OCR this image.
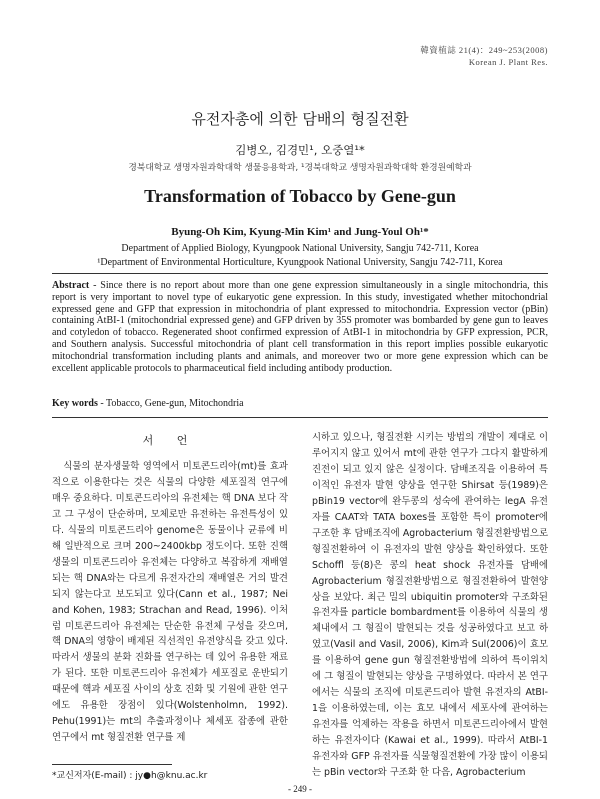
韓資植誌 21(4)：249~253(2008)
Korean J. Plant Res.
유전자총에 의한 담배의 형질전환
김병오, 김경민¹, 오중열¹*
경북대학교 생명자원과학대학 생물응용학과, ¹경북대학교 생명자원과학대학 환경원예학과
Transformation of Tobacco by Gene-gun
Byung-Oh Kim, Kyung-Min Kim¹ and Jung-Youl Oh¹*
Department of Applied Biology, Kyungpook National University, Sangju 742-711, Korea
¹Department of Environmental Horticulture, Kyungpook National University, Sangju 742-711, Korea
Abstract - Since there is no report about more than one gene expression simultaneously in a single mitochondria, this report is very important to novel type of eukaryotic gene expression. In this study, investigated whether mitochondrial expressed gene and GFP that expression in mitochondria of plant expressed to mitochondria. Expression vector (pBin) containing AtBI-1 (mitochondrial expressed gene) and GFP driven by 35S promoter was bombarded by gene gun to leaves and cotyledon of tobacco. Regenerated shoot confirmed expression of AtBI-1 in mitochondria by GFP expression, PCR, and Southern analysis. Successful mitochondria of plant cell transformation in this report implies possible eukaryotic mitochondrial transformation including plants and animals, and moreover two or more gene expression which can be excellent applicable protocols to pharmaceutical field including antibody production.
Key words - Tobacco, Gene-gun, Mitochondria
서 언

식물의 분자생물학 영역에서 미토콘드리아(mt)를 효과적으로 이용한다는 것은 식물의 다양한 세포질적 연구에 매우 중요하다. 미토콘드리아의 유전체는 핵 DNA 보다 작고 그 구성이 단순하며, 모체로만 유전하는 유전특성이 있다. 식물의 미토콘드리아 genome은 동물이나 균류에 비해 일반적으로 크며 200~2400kbp 정도이다. 또한 진핵생물의 미토콘드리아 유전체는 다양하고 복잡하게 재배열 되는 핵 DNA와는 다르게 유전자간의 재배열은 거의 발견되지 않는다고 보도되고 있다(Cann et al., 1987; Nei and Kohen, 1983; Strachan and Read, 1996). 이처럼 미토콘드리아 유전체는 단순한 유전체 구성을 갖으며, 핵 DNA의 영향이 배제된 직선적인 유전양식을 갖고 있다. 따라서 생물의 분화 진화를 연구하는 데 있어 유용한 재료가 된다. 또한 미토콘드리아 유전체가 세포질로 운반되기 때문에 핵과 세포질 사이의 상호 진화 및 기원에 관한 연구에도 유용한 장점이 있다(Wolstenholmn, 1992). Pehu(1991)는 mt의 추출과정이나 체세포 잡종에 관한 연구에서 mt 형질전환 연구를 제

시하고 있으나, 형질전환 시키는 방법의 개발이 제대로 이루어지지 않고 있어서 mt에 관한 연구가 그다지 활발하게 진전이 되고 있지 않은 실정이다. 담배조직을 이용하여 특이적인 유전자 발현 양상을 연구한 Shirsat 등(1989)은 pBin19 vector에 완두콩의 성숙에 관여하는 legA 유전자를 CAAT와 TATA boxes를 포함한 특이 promoter에 구조한 후 담배조직에 Agrobacterium 형질전환방법으로 형질전환하여 이 유전자의 발현 양상을 확인하였다. 또한 Schoffl 등(8)은 콩의 heat shock 유전자를 담배에 Agrobacterium 형질전환방법으로 형질전환하여 발현양상을 보았다. 최근 밀의 ubiquitin promoter와 구조화된 유전자를 particle bombardment를 이용하여 식물의 생체내에서 그 형질이 발현되는 것을 성공하였다고 보고 하였고(Vasil and Vasil, 2006), Kim과 Sul(2006)이 효모를 이용하여 gene gun 형질전환방법에 의하여 특이위치에 그 형질이 발현되는 양상을 구명하였다. 따라서 본 연구에서는 식물의 조직에 미토콘드리아 발현 유전자의 AtBI-1을 이용하였는데, 이는 효모 내에서 세포사에 관여하는 유전자를 억제하는 작용을 하면서 미토콘드리아에서 발현하는 유전자이다 (Kawai et al., 1999). 따라서 AtBI-1 유전자와 GFP 유전자를 식물형질전환에 가장 많이 이용되는 pBin vector와 구조화 한 다음, Agrobacterium

*교신저자(E-mail) : jy●h@knu.ac.kr
- 249 -
